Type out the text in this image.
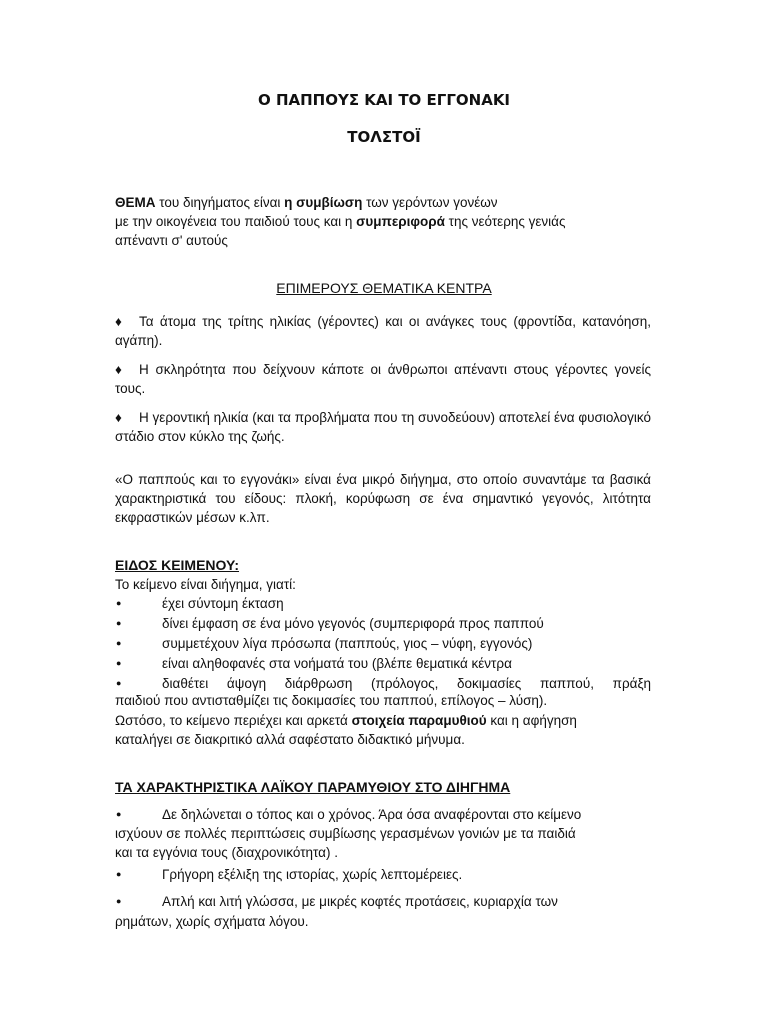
Ο ΠΑΠΠΟΥΣ ΚΑΙ ΤΟ ΕΓΓΟΝΑΚΙ
ΤΟΛΣΤΟΪ
ΘΕΜΑ του διηγήματος είναι η συμβίωση των γερόντων γονέων
με την οικογένεια του παιδιού τους και η συμπεριφορά της νεότερης γενιάς
απέναντι σ' αυτούς
ΕΠΙΜΕΡΟΥΣ ΘΕΜΑΤΙΚΑ ΚΕΝΤΡΑ
♦ Τα άτομα της τρίτης ηλικίας (γέροντες) και οι ανάγκες τους (φροντίδα, κατανόηση, αγάπη).
♦ Η σκληρότητα που δείχνουν κάποτε οι άνθρωποι απέναντι στους γέροντες γονείς τους.
♦ Η γεροντική ηλικία (και τα προβλήματα που τη συνοδεύουν) αποτελεί ένα φυσιολογικό στάδιο στον κύκλο της ζωής.
«Ο παππούς και το εγγονάκι» είναι ένα μικρό διήγημα, στο οποίο συναντάμε τα βασικά χαρακτηριστικά του είδους: πλοκή, κορύφωση σε ένα σημαντικό γεγονός, λιτότητα εκφραστικών μέσων κ.λπ.
ΕΙΔΟΣ ΚΕΙΜΕΝΟΥ:
Το κείμενο είναι διήγημα, γιατί:
●	έχει σύντομη έκταση
●	δίνει έμφαση σε ένα μόνο γεγονός (συμπεριφορά προς παππού
●	συμμετέχουν λίγα πρόσωπα (παππούς, γιος – νύφη, εγγονός)
●	είναι αληθοφανές στα νοήματά του (βλέπε θεματικά κέντρα
●	διαθέτει άψογη διάρθρωση (πρόλογος, δοκιμασίες παππού, πράξη
παιδιού που αντισταθμίζει τις δοκιμασίες του παππού, επίλογος – λύση).
Ωστόσο, το κείμενο περιέχει και αρκετά στοιχεία παραμυθιού και η αφήγηση
καταλήγει σε διακριτικό αλλά σαφέστατο διδακτικό μήνυμα.
ΤΑ ΧΑΡΑΚΤΗΡΙΣΤΙΚΑ ΛΑΪΚΟΥ ΠΑΡΑΜΥΘΙΟΥ ΣΤΟ ΔΙΗΓΗΜΑ
●	Δε δηλώνεται ο τόπος και ο χρόνος. Άρα όσα αναφέρονται στο κείμενο
ισχύουν σε πολλές περιπτώσεις συμβίωσης γερασμένων γονιών με τα παιδιά
και τα εγγόνια τους (διαχρονικότητα) .
●	Γρήγορη εξέλιξη της ιστορίας, χωρίς λεπτομέρειες.
●	Απλή και λιτή γλώσσα, με μικρές κοφτές προτάσεις, κυριαρχία των
ρημάτων, χωρίς σχήματα λόγου.
